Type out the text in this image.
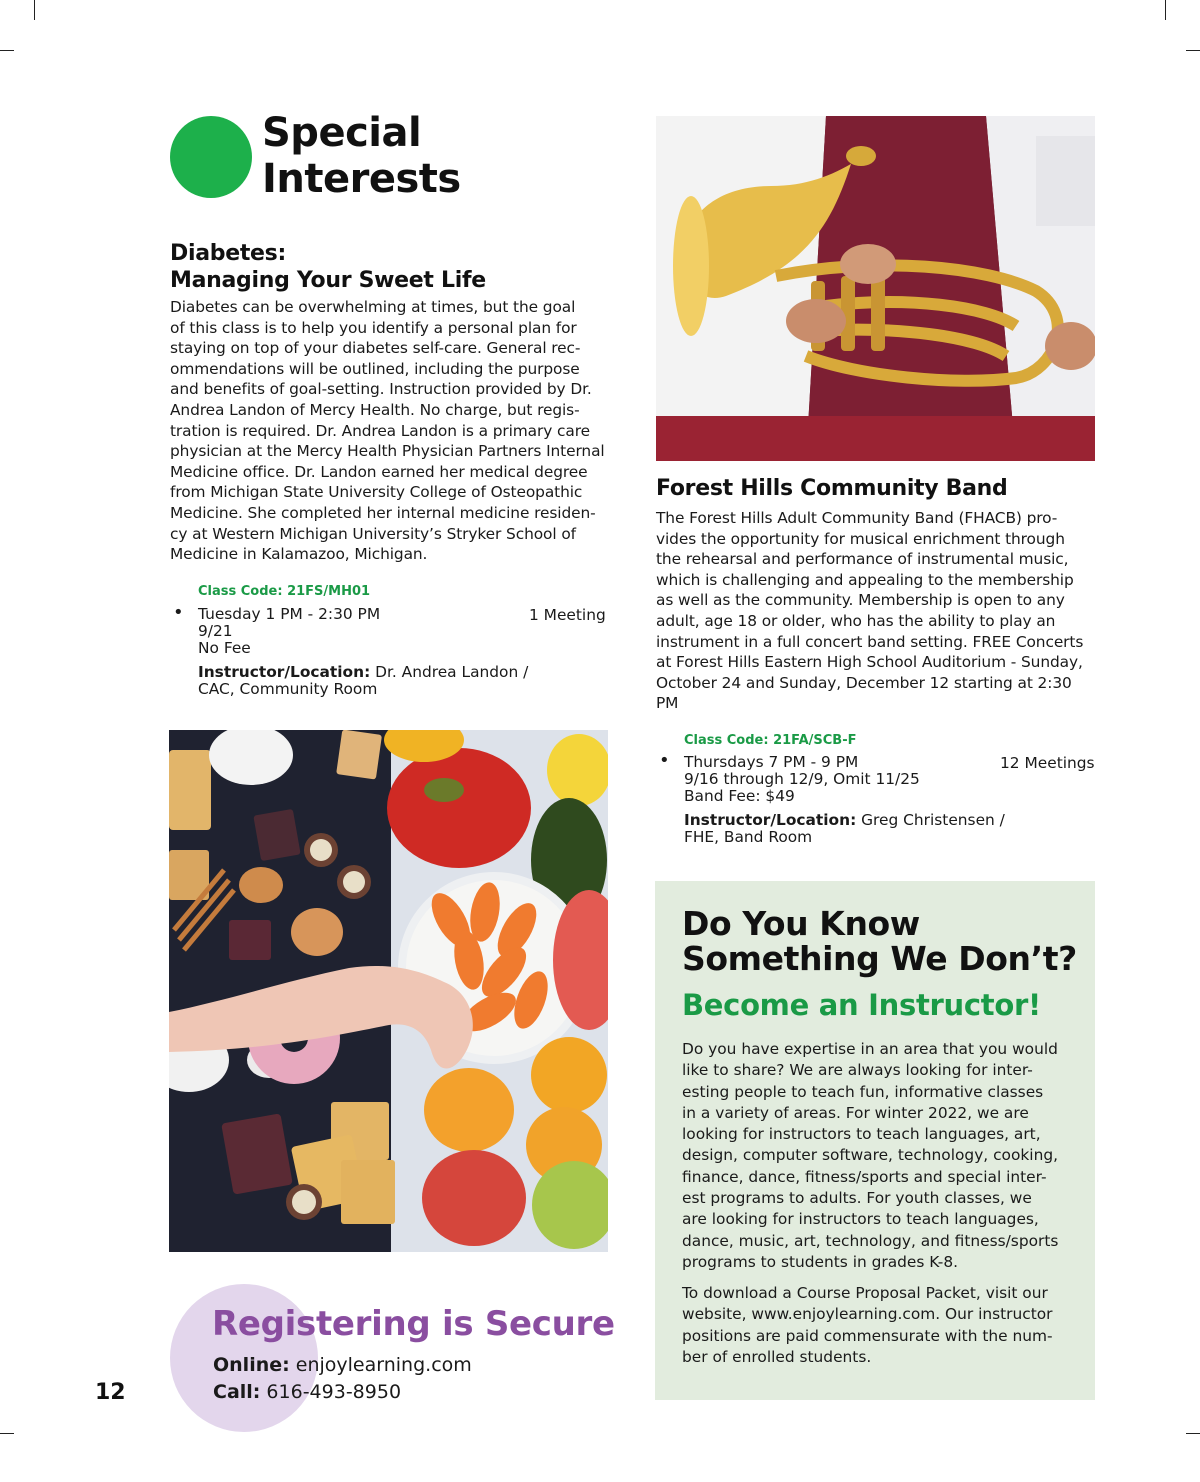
Special
Interests
Diabetes:
Managing Your Sweet Life
Diabetes can be overwhelming at times, but the goal
of this class is to help you identify a personal plan for
staying on top of your diabetes self-care. General rec-
ommendations will be outlined, including the purpose
and benefits of goal-setting. Instruction provided by Dr.
Andrea Landon of Mercy Health. No charge, but regis-
tration is required. Dr. Andrea Landon is a primary care
physician at the Mercy Health Physician Partners Internal
Medicine office. Dr. Landon earned her medical degree
from Michigan State University College of Osteopathic
Medicine. She completed her internal medicine residen-
cy at Western Michigan University’s Stryker School of
Medicine in Kalamazoo, Michigan.
Class Code: 21FS/MH01
• Tuesday 1 PM - 2:30 PM
9/21
No Fee
1 Meeting
Instructor/Location: Dr. Andrea Landon /
CAC, Community Room
Registering is Secure
Online: enjoylearning.com
Call: 616-493-8950
12
Forest Hills Community Band
The Forest Hills Adult Community Band (FHACB) pro-
vides the opportunity for musical enrichment through
the rehearsal and performance of instrumental music,
which is challenging and appealing to the membership
as well as the community. Membership is open to any
adult, age 18 or older, who has the ability to play an
instrument in a full concert band setting. FREE Concerts
at Forest Hills Eastern High School Auditorium - Sunday,
October 24 and Sunday, December 12 starting at 2:30
PM
Class Code: 21FA/SCB-F
• Thursdays 7 PM - 9 PM
9/16 through 12/9, Omit 11/25
Band Fee: $49
12 Meetings
Instructor/Location: Greg Christensen /
FHE, Band Room
Do You Know
Something We Don’t?
Become an Instructor!
Do you have expertise in an area that you would
like to share? We are always looking for inter-
esting people to teach fun, informative classes
in a variety of areas. For winter 2022, we are
looking for instructors to teach languages, art,
design, computer software, technology, cooking,
finance, dance, fitness/sports and special inter-
est programs to adults. For youth classes, we
are looking for instructors to teach languages,
dance, music, art, technology, and fitness/sports
programs to students in grades K-8.
To download a Course Proposal Packet, visit our
website, www.enjoylearning.com. Our instructor
positions are paid commensurate with the num-
ber of enrolled students.
